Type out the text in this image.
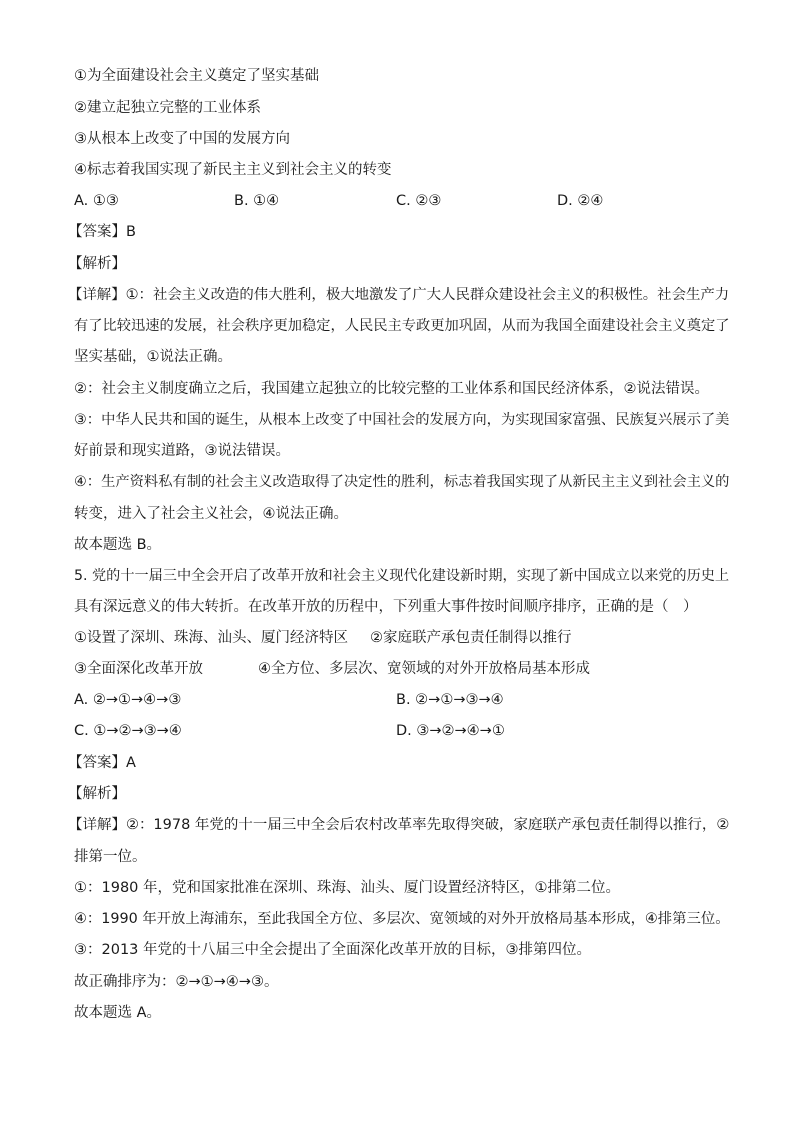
①为全面建设社会主义奠定了坚实基础
②建立起独立完整的工业体系
③从根本上改变了中国的发展方向
④标志着我国实现了新民主主义到社会主义的转变
A. ①③	B. ①④	C. ②③	D. ②④
【答案】B
【解析】
【详解】①：社会主义改造的伟大胜利，极大地激发了广大人民群众建设社会主义的积极性。社会生产力
有了比较迅速的发展，社会秩序更加稳定，人民民主专政更加巩固，从而为我国全面建设社会主义奠定了
坚实基础，①说法正确。
②：社会主义制度确立之后，我国建立起独立的比较完整的工业体系和国民经济体系，②说法错误。
③：中华人民共和国的诞生，从根本上改变了中国社会的发展方向，为实现国家富强、民族复兴展示了美
好前景和现实道路，③说法错误。
④：生产资料私有制的社会主义改造取得了决定性的胜利，标志着我国实现了从新民主主义到社会主义的
转变，进入了社会主义社会，④说法正确。
故本题选 B。
5. 党的十一届三中全会开启了改革开放和社会主义现代化建设新时期，实现了新中国成立以来党的历史上
具有深远意义的伟大转折。在改革开放的历程中，下列重大事件按时间顺序排序，正确的是（　）
①设置了深圳、珠海、汕头、厦门经济特区 ②家庭联产承包责任制得以推行
③全面深化改革开放	④全方位、多层次、宽领域的对外开放格局基本形成
A. ②→①→④→③	B. ②→①→③→④
C. ①→②→③→④	D. ③→②→④→①
【答案】A
【解析】
【详解】②：1978 年党的十一届三中全会后农村改革率先取得突破，家庭联产承包责任制得以推行，②
排第一位。
①：1980 年，党和国家批准在深圳、珠海、汕头、厦门设置经济特区，①排第二位。
④：1990 年开放上海浦东，至此我国全方位、多层次、宽领域的对外开放格局基本形成，④排第三位。
③：2013 年党的十八届三中全会提出了全面深化改革开放的目标，③排第四位。
故正确排序为：②→①→④→③。
故本题选 A。
